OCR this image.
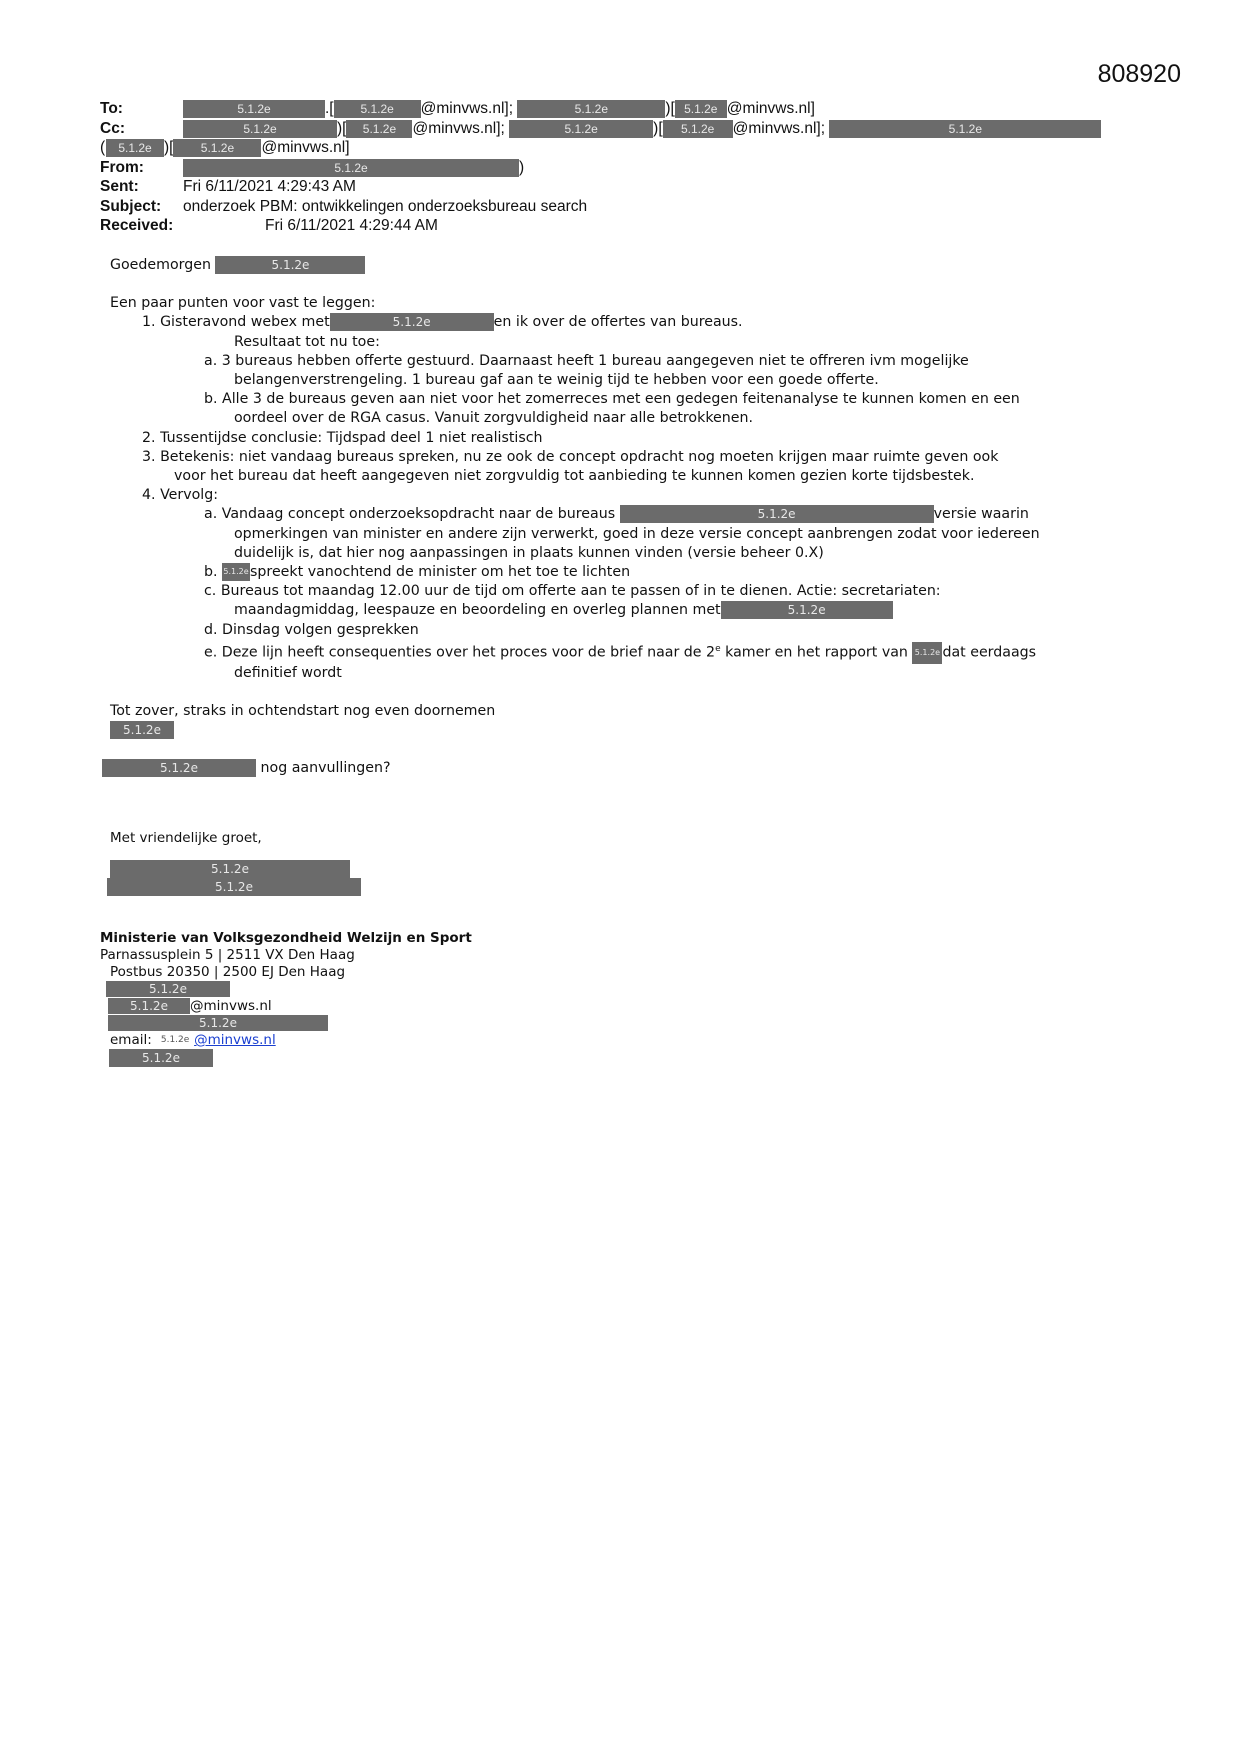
808920
To:	5.1.2e	.[ 5.1.2e @minvws.nl];	5.1.2e	)[ 5.1.2e @minvws.nl]
Cc:	5.1.2e	)[ 5.1.2e @minvws.nl];	5.1.2e	)[ 5.1.2e @minvws.nl];	5.1.2e
(	5.1.2e )[ 5.1.2e @minvws.nl]
From:	5.1.2e	)
Sent:	Fri 6/11/2021 4:29:43 AM
Subject: onderzoek PBM: ontwikkelingen onderzoeksbureau search
Received:	Fri 6/11/2021 4:29:44 AM
Goedemorgen	5.1.2e
Een paar punten voor vast te leggen:
1. Gisteravond webex met	5.1.2e	en ik over de offertes van bureaus.
Resultaat tot nu toe:
a. 3 bureaus hebben offerte gestuurd. Daarnaast heeft 1 bureau aangegeven niet te offreren ivm mogelijke
belangenverstrengeling. 1 bureau gaf aan te weinig tijd te hebben voor een goede offerte.
b. Alle 3 de bureaus geven aan niet voor het zomerreces met een gedegen feitenanalyse te kunnen komen en een
oordeel over de RGA casus. Vanuit zorgvuldigheid naar alle betrokkenen.
2. Tussentijdse conclusie: Tijdspad deel 1 niet realistisch
3. Betekenis: niet vandaag bureaus spreken, nu ze ook de concept opdracht nog moeten krijgen maar ruimte geven ook
voor het bureau dat heeft aangegeven niet zorgvuldig tot aanbieding te kunnen komen gezien korte tijdsbestek.
4. Vervolg:
a. Vandaag concept onderzoeksopdracht naar de bureaus	5.1.2e	versie waarin
opmerkingen van minister en andere zijn verwerkt, goed in deze versie concept aanbrengen zodat voor iedereen
duidelijk is, dat hier nog aanpassingen in plaats kunnen vinden (versie beheer 0.X)
b. 5.1.2espreekt vanochtend de minister om het toe te lichten
c. Bureaus tot maandag 12.00 uur de tijd om offerte aan te passen of in te dienen. Actie: secretariaten:
maandagmiddag, leespauze en beoordeling en overleg plannen met	5.1.2e
d. Dinsdag volgen gesprekken
e. Deze lijn heeft consequenties over het proces voor de brief naar de 2e kamer en het rapport van 5.1.2e dat eerdaags
definitief wordt
Tot zover, straks in ochtendstart nog even doornemen
5.1.2e
5.1.2e	nog aanvullingen?
Met vriendelijke groet,
5.1.2e
5.1.2e
Ministerie van Volksgezondheid Welzijn en Sport
Parnassusplein 5 | 2511 VX Den Haag
Postbus 20350 | 2500 EJ Den Haag
5.1.2e
5.1.2e @minvws.nl
5.1.2e
email: 5.1.2e @minvws.nl
5.1.2e
